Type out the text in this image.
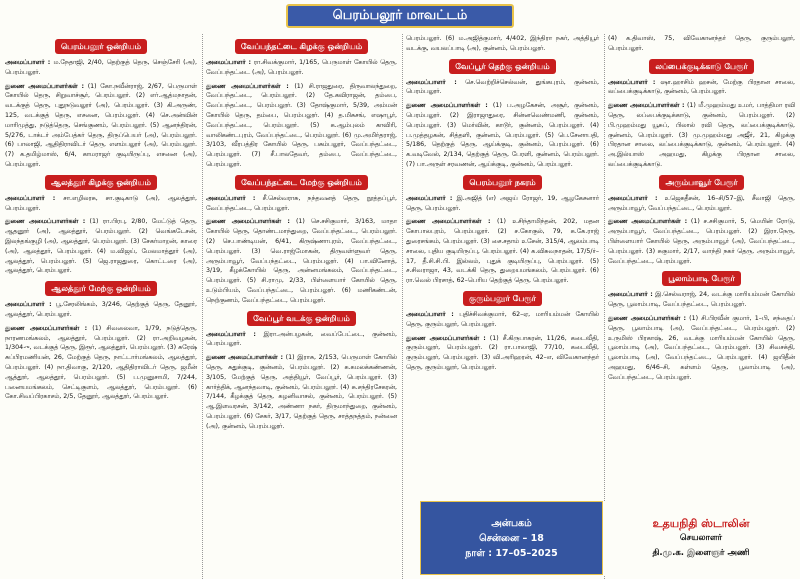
பெரம்பலூர் மாவட்டம்
பெரம்பலூர் ஒன்றியம்

அமைப்பாளர் : ம.நேதாஜி, 2/40, தெற்குத் தெரு, செஞ்சேரி (அ), பெரம்பலூர்.

துணை அமைப்பாளர்கள் : (1) கோ.நவீன்ராஜ், 2/67, பெருமாள் கோயில் தெரு, சிறுவாச்சூர், பெரம்பலூர். (2) எர்.ஆத்மநாதன், வடக்குத் தெரு, புதுநடுவலூர் (அ), பெரம்பலூர். (3) கி.அருண், 125, வடக்குத் தெரு, எசனை, பெரம்பலூர். (4) செ.அன்வின் மாரிமுத்து, நடுத்தெரு, செங்குணம், பெரம்பலூர். (5) ஆனந்திரன், 5/276, டாக்டர் அம்பேத்கர் தெரு, திருப்பெயர் (அ), பெரம்பலூர். (6) பாலாஜி, ஆதிதிராவிடர் தெரு, எளம்பலூர் (அ), பெரம்பலூர். (7) க.தமிழ்மாஸ், 6/4, காமராஜர் குடியிருப்பு, எசனை (அ), பெரம்பலூர்.

ஆலத்தூர் கிழக்கு ஒன்றியம்

அமைப்பாளர் : சா.எழிலரசு, சா.குடிகாடு (அ), ஆலத்தூர், பெரம்பலூர்.

துணை அமைப்பாளர்கள் : (1) ரா.பிரபு, 2/80, மேட்டுத் தெரு, ஆதனூர் (அ), ஆலத்தூர், பெரம்பலூர். (2) வெங்கடேசன், இலந்தங்குழி (அ), ஆலத்தூர், பெரம்பலூர். (3) சேகர்மாறன், காரை (அ), ஆலத்தூர், பெரம்பலூர். (4) ம.விஜய், மேலமாத்தூர் (அ), ஆலத்தூர், பெரம்பலூர். (5) ஜெ.ராஜதுரை, கொட்டரை (அ), ஆலத்தூர், பெரம்பலூர்.

ஆலத்தூர் மேற்கு ஒன்றியம்

அமைப்பாளர் : பூ.சேரலிங்கம், 3/246, தெற்குத் தெரு, தேனூர், ஆலத்தூர், பெரம்பலூர்.

துணை அமைப்பாளர்கள் : (1) சிவலைவா, 1/79, நடுத்தெரு, நாரணமங்கலம், ஆலத்தூர், பெரம்பலூர். (2) ரா.அறிவழகன், 1/304-ு, வடக்குத் தெரு, இரூர், ஆலத்தூர், பெரம்பலூர். (3) சுரேஷ் சுப்பிரமணியன், 26, மேற்குத் தெரு, நாட்டார்மங்கலம், ஆலத்தூர், பெரம்பலூர். (4) நா.திவாகு, 2/120, ஆதிதிராவிடர் தெரு, ஜமீன் ஆத்தூர், ஆலத்தூர், பெரம்பலூர். (5) ப.முனுசாமி, 7/244, பனையமங்கலம், செட்டிகுளம், ஆலத்தூர், பெரம்பலூர். (6) கோ.சிவப்பிரகாசம், 2/5, தேனூர், ஆலத்தூர், பெரம்பலூர்.

வேப்பந்தட்டை கிழக்கு ஒன்றியம்

அமைப்பாளர் : ரா.சிவக்குமார், 1/165, பெருமாள் கோயில் தெரு, வேப்பந்தட்டை (அ), பெரம்பலூர்.

துணை அமைப்பாளர்கள் : (1) சி.ராஜதுரை, திருவாலந்துறை, வேப்பந்தட்டை, பெரம்பலூர். (2) தே.கவிராஜன், தம்பை, வேப்பந்தட்டை, பெரம்பலூர். (3) தோஷ்குமார், 5/39, அம்மன் கோயில் தெரு, தம்பை, பெரம்பலூர். (4) த.மிசுசங், எஷாபூர், வேப்பந்தட்டை, பெரம்பலூர். (5) க.ஆம்புலம் காவிரி, வாலிகண்டபுரம், வேப்பந்தட்டை, பெரம்பலூர். (6) மு.அமிர்தராஜ், 3/103, வீரபத்திர கோயில் தெரு, பசும்பலூர், வேப்பந்தட்டை, பெரம்பலூர். (7) சீ.பாலதேவர், தம்பை, வேப்பந்தட்டை, பெரம்பலூர்.

வேப்பந்தட்டை மேற்கு ஒன்றியம்

அமைப்பாளர் : சீ.செல்வராசு, நந்தவனத் தெரு, நூத்தப்பூர், வேப்பந்தட்டை, பெரம்பலூர்.

துணை அமைப்பாளர்கள் : (1) செ.சசிகுமார், 3/163, மாதா கோயில் தெரு, தொண்டமாந்துறை, வேப்பந்தட்டை, பெரம்பலூர். (2) செ.பாண்டியன், 6/41, கிருஷ்ணாபுரம், வேப்பந்தட்டை, பெரம்பலூர். (3) வெ.ராஜ்மோகன், திருவள்ளுவர் தெரு, அரும்பாவூர், வேப்பந்தட்டை, பெரம்பலூர். (4) பா.வினோத், 3/19, கீழக்கோயில் தெரு, அன்னமங்கலம், வேப்பந்தட்டை, பெரம்பலூர். (5) சி.ராமு, 2/33, பிள்ளையார் கோயில் தெரு, உடும்பியம், வேப்பந்தட்டை, பெரம்பலூர். (6) மணிகண்டன், நெற்குணம், வேப்பந்தட்டை, பெரம்பலூர்.

வேப்பூர் வடக்கு ஒன்றியம்

அமைப்பாளர் : இரா.அன்பழகன், வைப்பேட்டை, குன்னம், பெரம்பலூர்.

துணை அமைப்பாளர்கள் : (1) இராசு, 2/153, பெருமாள் கோயில் தெரு, சுதுக்குடி, குன்னம், பெரம்பலூர். (2) க.கமலக்கண்ணன், 3/105, மேற்குத் தெரு, அத்தியூர், வேப்பூர், பெரம்பலூர். (3) கார்த்திக், ஆனந்தவாடி, குன்னம், பெரம்பலூர். (4) சு.சந்திரசேகரன், 7/144, கீழக்குத் தெரு, கழனிவாசல், குன்னம், பெரம்பலூர். (5) ஆ.இளவரசன், 3/142, அண்ணா நகர், திருமாந்துறை, குன்னம், பெரம்பலூர். (6) சேகர், 3/17, தெற்குத் தெரு, சாத்தநத்தம், நன்னை (அ), குன்னம், பெரம்பலூர்.

பெரம்பலூர். (6) ம.அஜித்குமார், 4/402, இந்திரா நகர், அத்தியூர் வடக்கு, வயலப்பாடி (அ), குன்னம், பெரம்பலூர்.

வேப்பூர் தெற்கு ஒன்றியம்

அமைப்பாளர் : செ.வெற்றிச்செல்வன், துங்கபுரம், குன்னம், பெரம்பலூர்.

துணை அமைப்பாளர்கள் : (1) ப.அழகேசன், அசூர், குன்னம், பெரம்பலூர். (2) இராஜாதுரை, சின்னவெண்மணி, குன்னம், பெரம்பலூர். (3) மெர்வின், காடூர், குன்னம், பெரம்பலூர். (4) ப.முத்தழகன், சித்தளி, குன்னம், பெரம்பலூர். (5) பெ.சேனாபதி, 5/186, தெற்குத் தெரு, ஆய்க்குடி, குன்னம், பெரம்பலூர். (6) க.வடிவேல், 2/134, தெற்குத் தெரு, பேரளி, குன்னம், பெரம்பலூர். (7) பா.அருள் சரவணன், ஆய்க்குடி, குன்னம், பெரம்பலூர்.

பெரம்பலூர் நகரம்

அமைப்பாளர் : இ.அஜித் (எ) அஜய் ரோஜர், 19, ஆழகேசனார் தெரு, பெரம்பலூர்.

துணை அமைப்பாளர்கள் : (1) உசிந்தாமிந்தன், 202, மதன கோபாலபுரம், பெரம்பலூர். (2) ச.கோகுல், 79, க.கே.ராஜ் துரைசங்கம், பெரம்பலூர். (3) சை.சதாம் உசேன், 315/4, ஆலம்பாடி சாலை, புதிய குடியிருப்பு, பெரம்பலூர். (4) க.விசுவநாதன், 17/5/ர்–17, தீ.சி.சி.பி. இல்லம், புதுக் குடியிருப்பு, பெரம்பலூர். (5) ச.சிவராஜா, 43, வடக்கி தெரு, துறையமங்கலம், பெரம்பலூர். (6) ரா.வெல் பிரசாத், 62–பெரிய தெற்குத் தெரு, பெரம்பலூர்.

குரும்பலூர் பேரூர்

அமைப்பாளர் : புதிச்சிவக்குமார், 62–ஏ, மாரியம்மன் கோயில் தெரு, குரும்பலூர், பெரம்பலூர்.

துணை அமைப்பாளர்கள் : (1) சீ.கிருபாகரன், 11/26, கடைவீதி, குரும்பலூர், பெரம்பலூர். (2) ரா.பாலாஜி, 77/10, கடைவீதி, குரும்பலூர், பெரம்பலூர். (3) வி.அரிஹரன், 42–எ, விவேகானந்தர் தெரு, குரும்பலூர், பெரம்பலூர்.

(4) க.திவாஸ், 75, விவேகானந்தர் தெரு, குரும்பலூர், பெரம்பலூர்.

லப்பைக்குடிக்காடு பேரூர்

அமைப்பாளர் : ஷா.ஹாசிம் ஹசன், மேற்கு பிரதான சாலை, லப்பைக்குடிக்காடு, குன்னம், பெரம்பலூர்.

துணை அமைப்பாளர்கள் : (1) மீ.முஹம்மது உமர், பாத்திமா ரவி தெரு, லப்பைக்குடிக்காடு, குன்னம், பெரம்பலூர். (2) பி.முஹம்மது யூசுப், பிலால் ரவி தெரு, லப்பைக்குடிக்காடு, குன்னம், பெரம்பலூர். (3) மு.முஹம்மது அஜீர், 21, கிழக்கு பிரதான சாலை, லப்பைக்குடிக்காடு, குன்னம், பெரம்பலூர். (4) அ.இல்யாஸ் அஹமது, கிழக்கு பிரதான சாலை, லப்பைக்குடிக்காடு.

அரும்பாவூர் பேரூர்

அமைப்பாளர் : உஜெகதீசன், 16–சி/57–இ, சீவாஜி தெரு, அரும்பாவூர், வேப்பந்தட்டை, பெரம்பலூர்.

துணை அமைப்பாளர்கள் : (1) ச.சசிகுமார், 5, மெயின் ரோடு, அரும்பாவூர், வேப்பந்தட்டை, பெரம்பலூர். (2) இரா.நேரு, பிள்ளையார் கோயில் தெரு, அரும்பாவூர் (அ), வேப்பந்தட்டை, பெரம்பலூர். (3) சுகுமார், 2/17, வாந்தி நகர் தெரு, அரும்பாவூர், வேப்பந்தட்டை, பெரம்பலூர்.

பூலாம்பாடி பேரூர்

அமைப்பாளர் : இ.செல்வராஜ், 24, வடக்கு மாரியம்மன் கோயில் தெரு, பூலாம்பாடி, வேப்பந்தட்டை, பெரம்பலூர்.

துணை அமைப்பாளர்கள் : (1) சி.பிரவீன் குமார், 1–பி, சந்தைப் தெரு, பூலாம்பாடி (அ), வேப்பந்தட்டை, பெரம்பலூர். (2) உருமிஸ் பிரகாஷ், 26, வடக்கு மாரியம்மன் கோயில் தெரு, பூலாம்பாடி (அ), வேப்பந்தட்டை, பெரம்பலூர். (3) சிவசக்தி, பூலாம்பாடி (அ), வேப்பந்தட்டை, பெரம்பலூர். (4) ஜயிதீன் அஹமது, 6/46–சி, கள்ளம் தெரு, பூலாம்பாடி (அ), வேப்பந்தட்டை, பெரம்பலூர்.

அன்பகம்
சென்னை – 18
நாள் : 17–05–2025
உதயநிதி ஸ்டாலின்
செயலாளர்
தி.மு.க. இளைஞர் அணி
